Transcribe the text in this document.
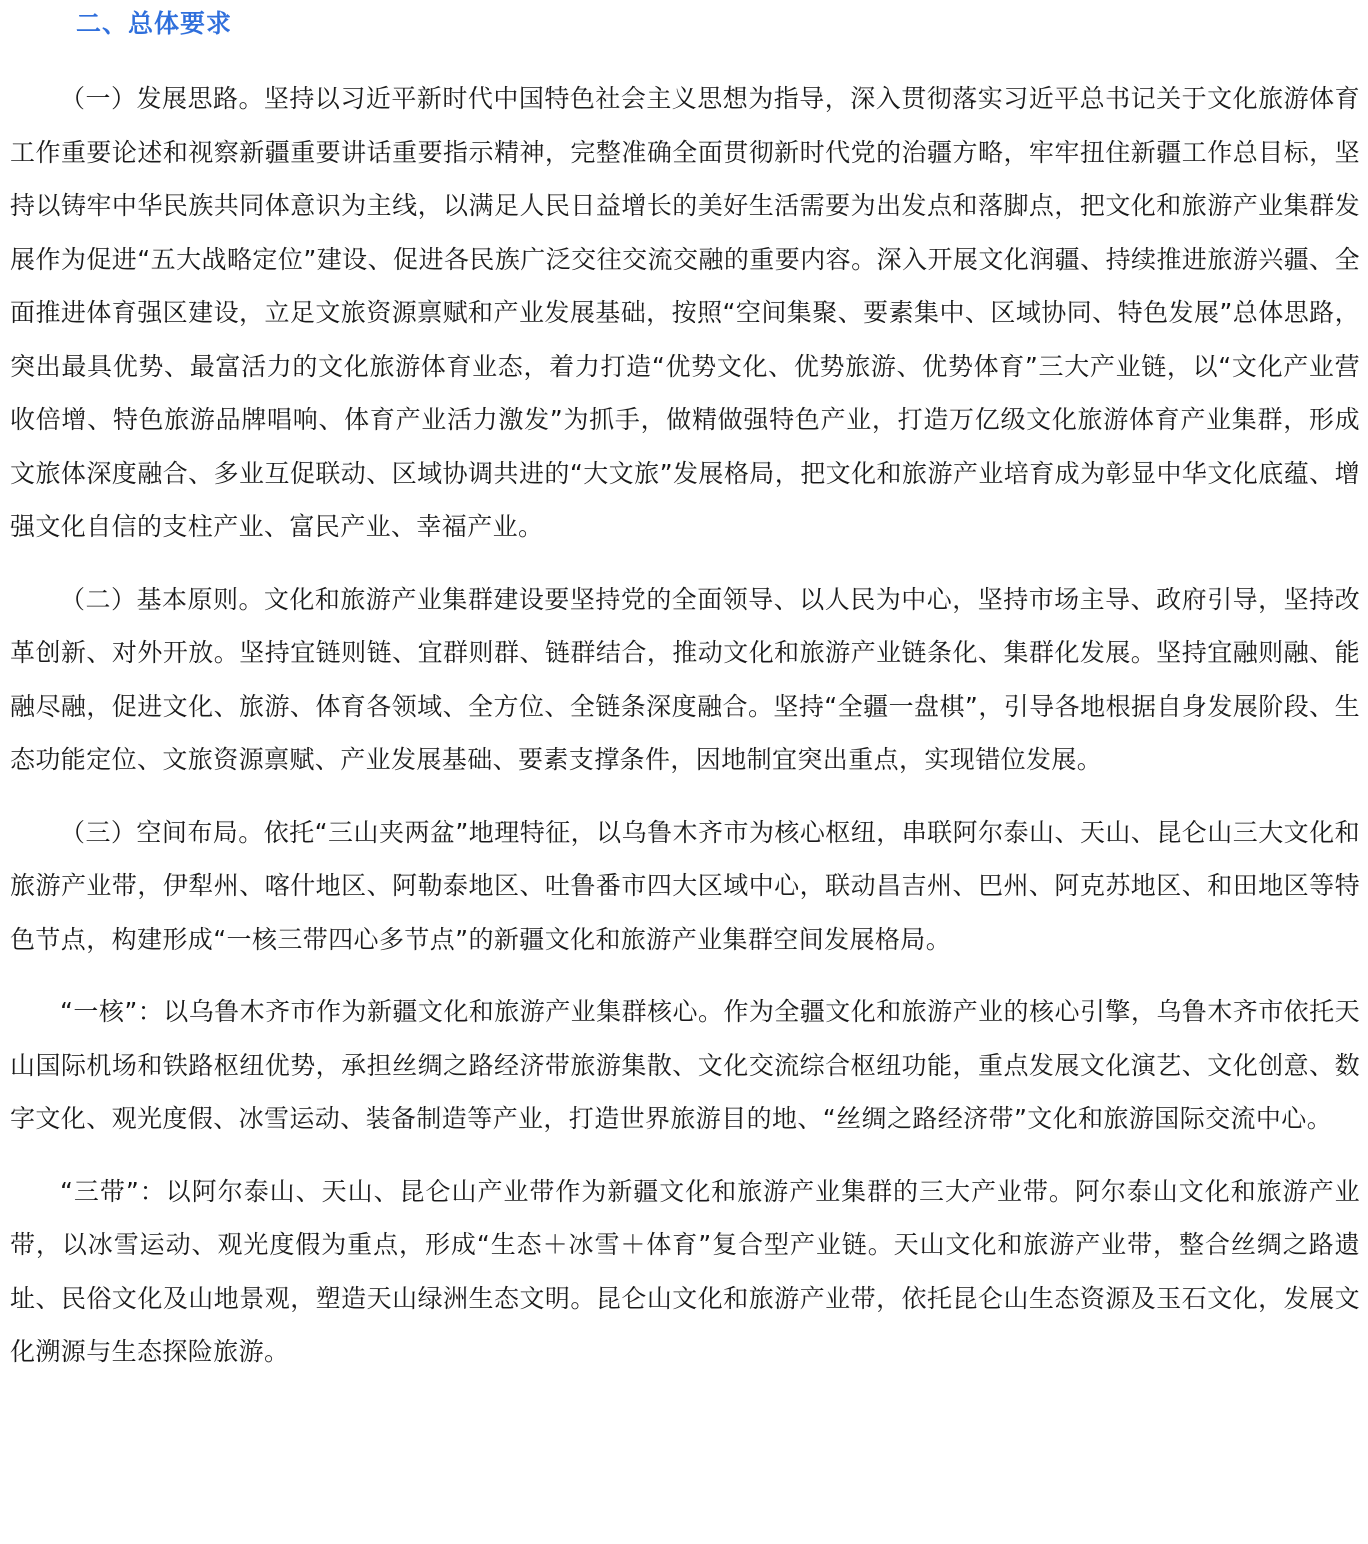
二、总体要求

（一）发展思路。坚持以习近平新时代中国特色社会主义思想为指导，深入贯彻落实习近平总书记关于文化旅游体育工作重要论述和视察新疆重要讲话重要指示精神，完整准确全面贯彻新时代党的治疆方略，牢牢扭住新疆工作总目标，坚持以铸牢中华民族共同体意识为主线，以满足人民日益增长的美好生活需要为出发点和落脚点，把文化和旅游产业集群发展作为促进“五大战略定位”建设、促进各民族广泛交往交流交融的重要内容。深入开展文化润疆、持续推进旅游兴疆、全面推进体育强区建设，立足文旅资源禀赋和产业发展基础，按照“空间集聚、要素集中、区域协同、特色发展”总体思路，突出最具优势、最富活力的文化旅游体育业态，着力打造“优势文化、优势旅游、优势体育”三大产业链，以“文化产业营收倍增、特色旅游品牌唱响、体育产业活力激发”为抓手，做精做强特色产业，打造万亿级文化旅游体育产业集群，形成文旅体深度融合、多业互促联动、区域协调共进的“大文旅”发展格局，把文化和旅游产业培育成为彰显中华文化底蕴、增强文化自信的支柱产业、富民产业、幸福产业。

（二）基本原则。文化和旅游产业集群建设要坚持党的全面领导、以人民为中心，坚持市场主导、政府引导，坚持改革创新、对外开放。坚持宜链则链、宜群则群、链群结合，推动文化和旅游产业链条化、集群化发展。坚持宜融则融、能融尽融，促进文化、旅游、体育各领域、全方位、全链条深度融合。坚持“全疆一盘棋”，引导各地根据自身发展阶段、生态功能定位、文旅资源禀赋、产业发展基础、要素支撑条件，因地制宜突出重点，实现错位发展。

（三）空间布局。依托“三山夹两盆”地理特征，以乌鲁木齐市为核心枢纽，串联阿尔泰山、天山、昆仑山三大文化和旅游产业带，伊犁州、喀什地区、阿勒泰地区、吐鲁番市四大区域中心，联动昌吉州、巴州、阿克苏地区、和田地区等特色节点，构建形成“一核三带四心多节点”的新疆文化和旅游产业集群空间发展格局。

“一核”：以乌鲁木齐市作为新疆文化和旅游产业集群核心。作为全疆文化和旅游产业的核心引擎，乌鲁木齐市依托天山国际机场和铁路枢纽优势，承担丝绸之路经济带旅游集散、文化交流综合枢纽功能，重点发展文化演艺、文化创意、数字文化、观光度假、冰雪运动、装备制造等产业，打造世界旅游目的地、“丝绸之路经济带”文化和旅游国际交流中心。

“三带”：以阿尔泰山、天山、昆仑山产业带作为新疆文化和旅游产业集群的三大产业带。阿尔泰山文化和旅游产业带，以冰雪运动、观光度假为重点，形成“生态＋冰雪＋体育”复合型产业链。天山文化和旅游产业带，整合丝绸之路遗址、民俗文化及山地景观，塑造天山绿洲生态文明。昆仑山文化和旅游产业带，依托昆仑山生态资源及玉石文化，发展文化溯源与生态探险旅游。
